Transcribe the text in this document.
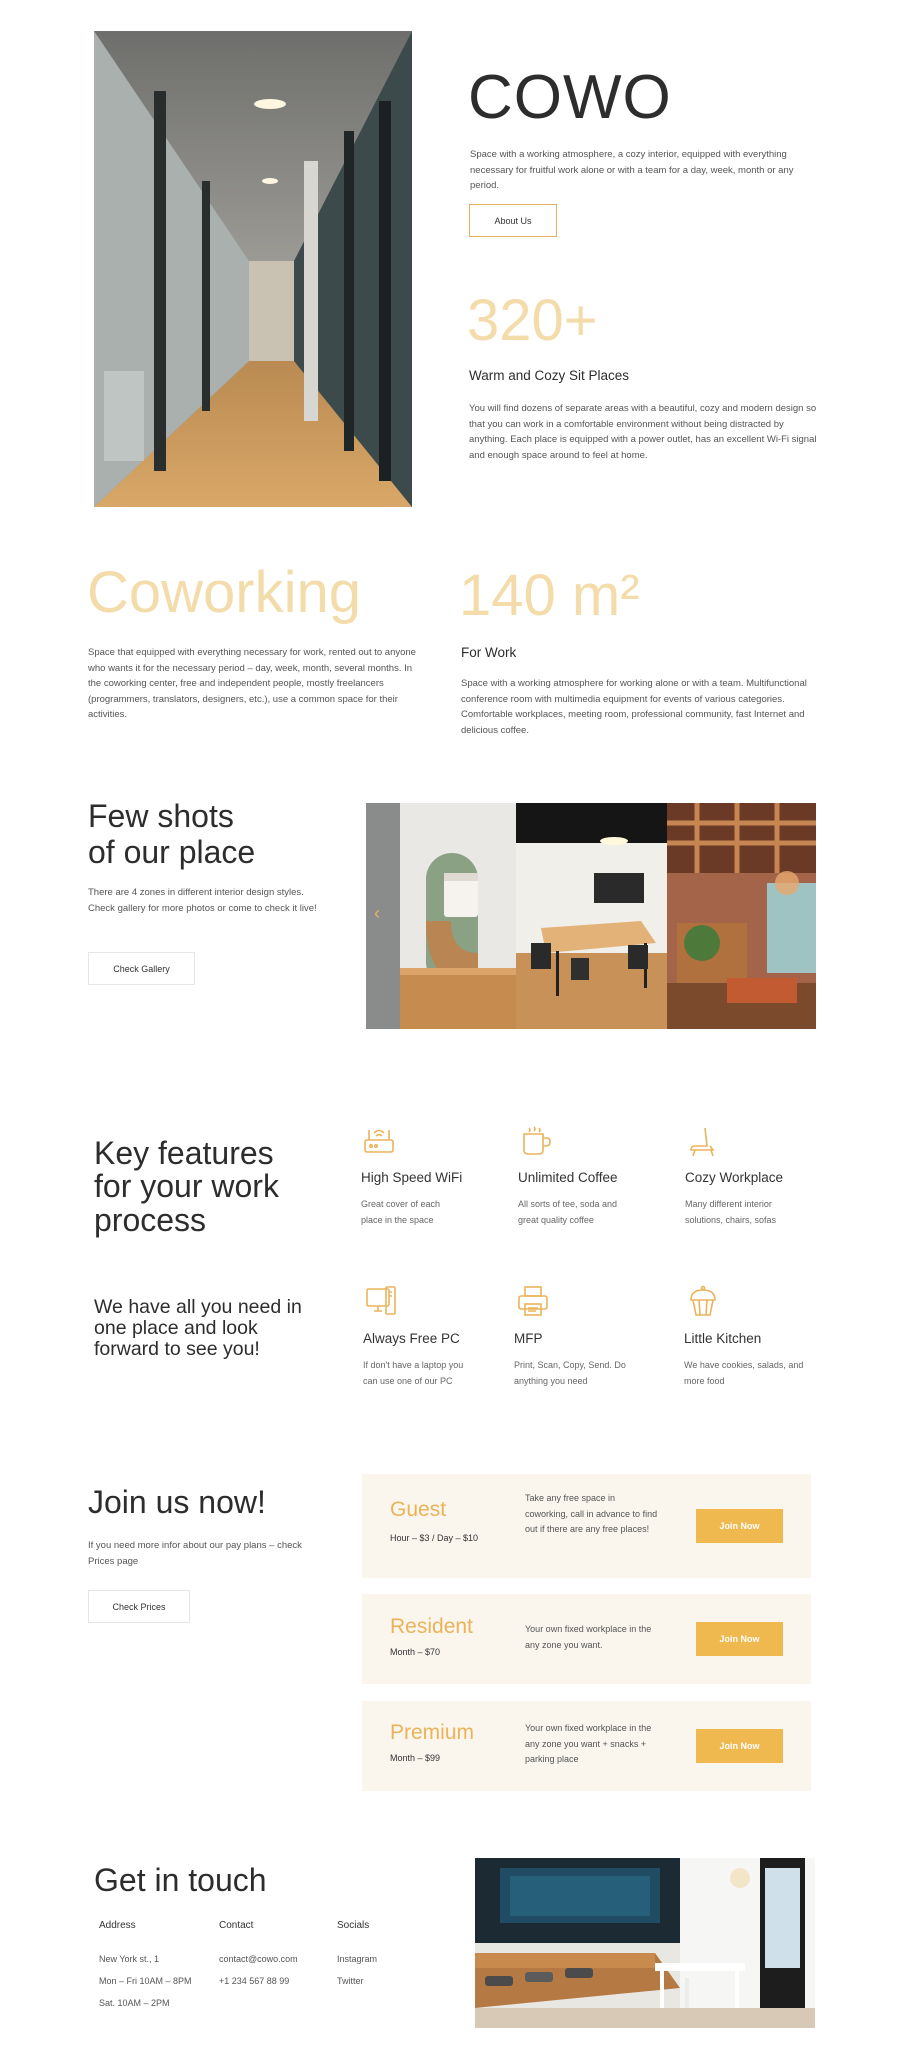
COWO

Space with a working atmosphere, a cozy interior, equipped with everything necessary for fruitful work alone or with a team for a day, week, month or any period.

About Us
320+
Warm and Cozy Sit Places

You will find dozens of separate areas with a beautiful, cozy and modern design so that you can work in a comfortable environment without being distracted by anything. Each place is equipped with a power outlet, has an excellent Wi-Fi signal and enough space around to feel at home.

Coworking

Space that equipped with everything necessary for work, rented out to anyone who wants it for the necessary period – day, week, month, several months. In the coworking center, free and independent people, mostly freelancers (programmers, translators, designers, etc.), use a common space for their activities.

140 m²
For Work

Space with a working atmosphere for working alone or with a team. Multifunctional conference room with multimedia equipment for events of various categories. Comfortable workplaces, meeting room, professional community, fast Internet and delicious coffee.

Few shots
of our place

There are 4 zones in different interior design styles. Check gallery for more photos or come to check it live!

Check Gallery
‹
Key features
for your work
process
We have all you need in one place and look forward to see you!
High Speed WiFi
Great cover of each place in the space
Unlimited Coffee
All sorts of tee, soda and great quality coffee
Cozy Workplace
Many different interior solutions, chairs, sofas
Always Free PC
If don't have a laptop you can use one of our PC
MFP
Print, Scan, Copy, Send. Do anything you need
Little Kitchen
We have cookies, salads, and more food
Join us now!

If you need more infor about our pay plans – check Prices page

Check Prices
Guest
Hour – $3 / Day – $10
Take any free space in coworking, call in advance to find out if there are any free places!	Join Now
Resident
Month – $70
Your own fixed workplace in the any zone you want.
Join Now
Premium
Month – $99
Your own fixed workplace in the any zone you want + snacks + parking place
Join Now
Get in touch
Address
New York st., 1
Mon – Fri 10AM – 8PM
Sat. 10AM – 2PM
Contact
contact@cowo.com
+1 234 567 88 99
Socials
Instagram
Twitter
